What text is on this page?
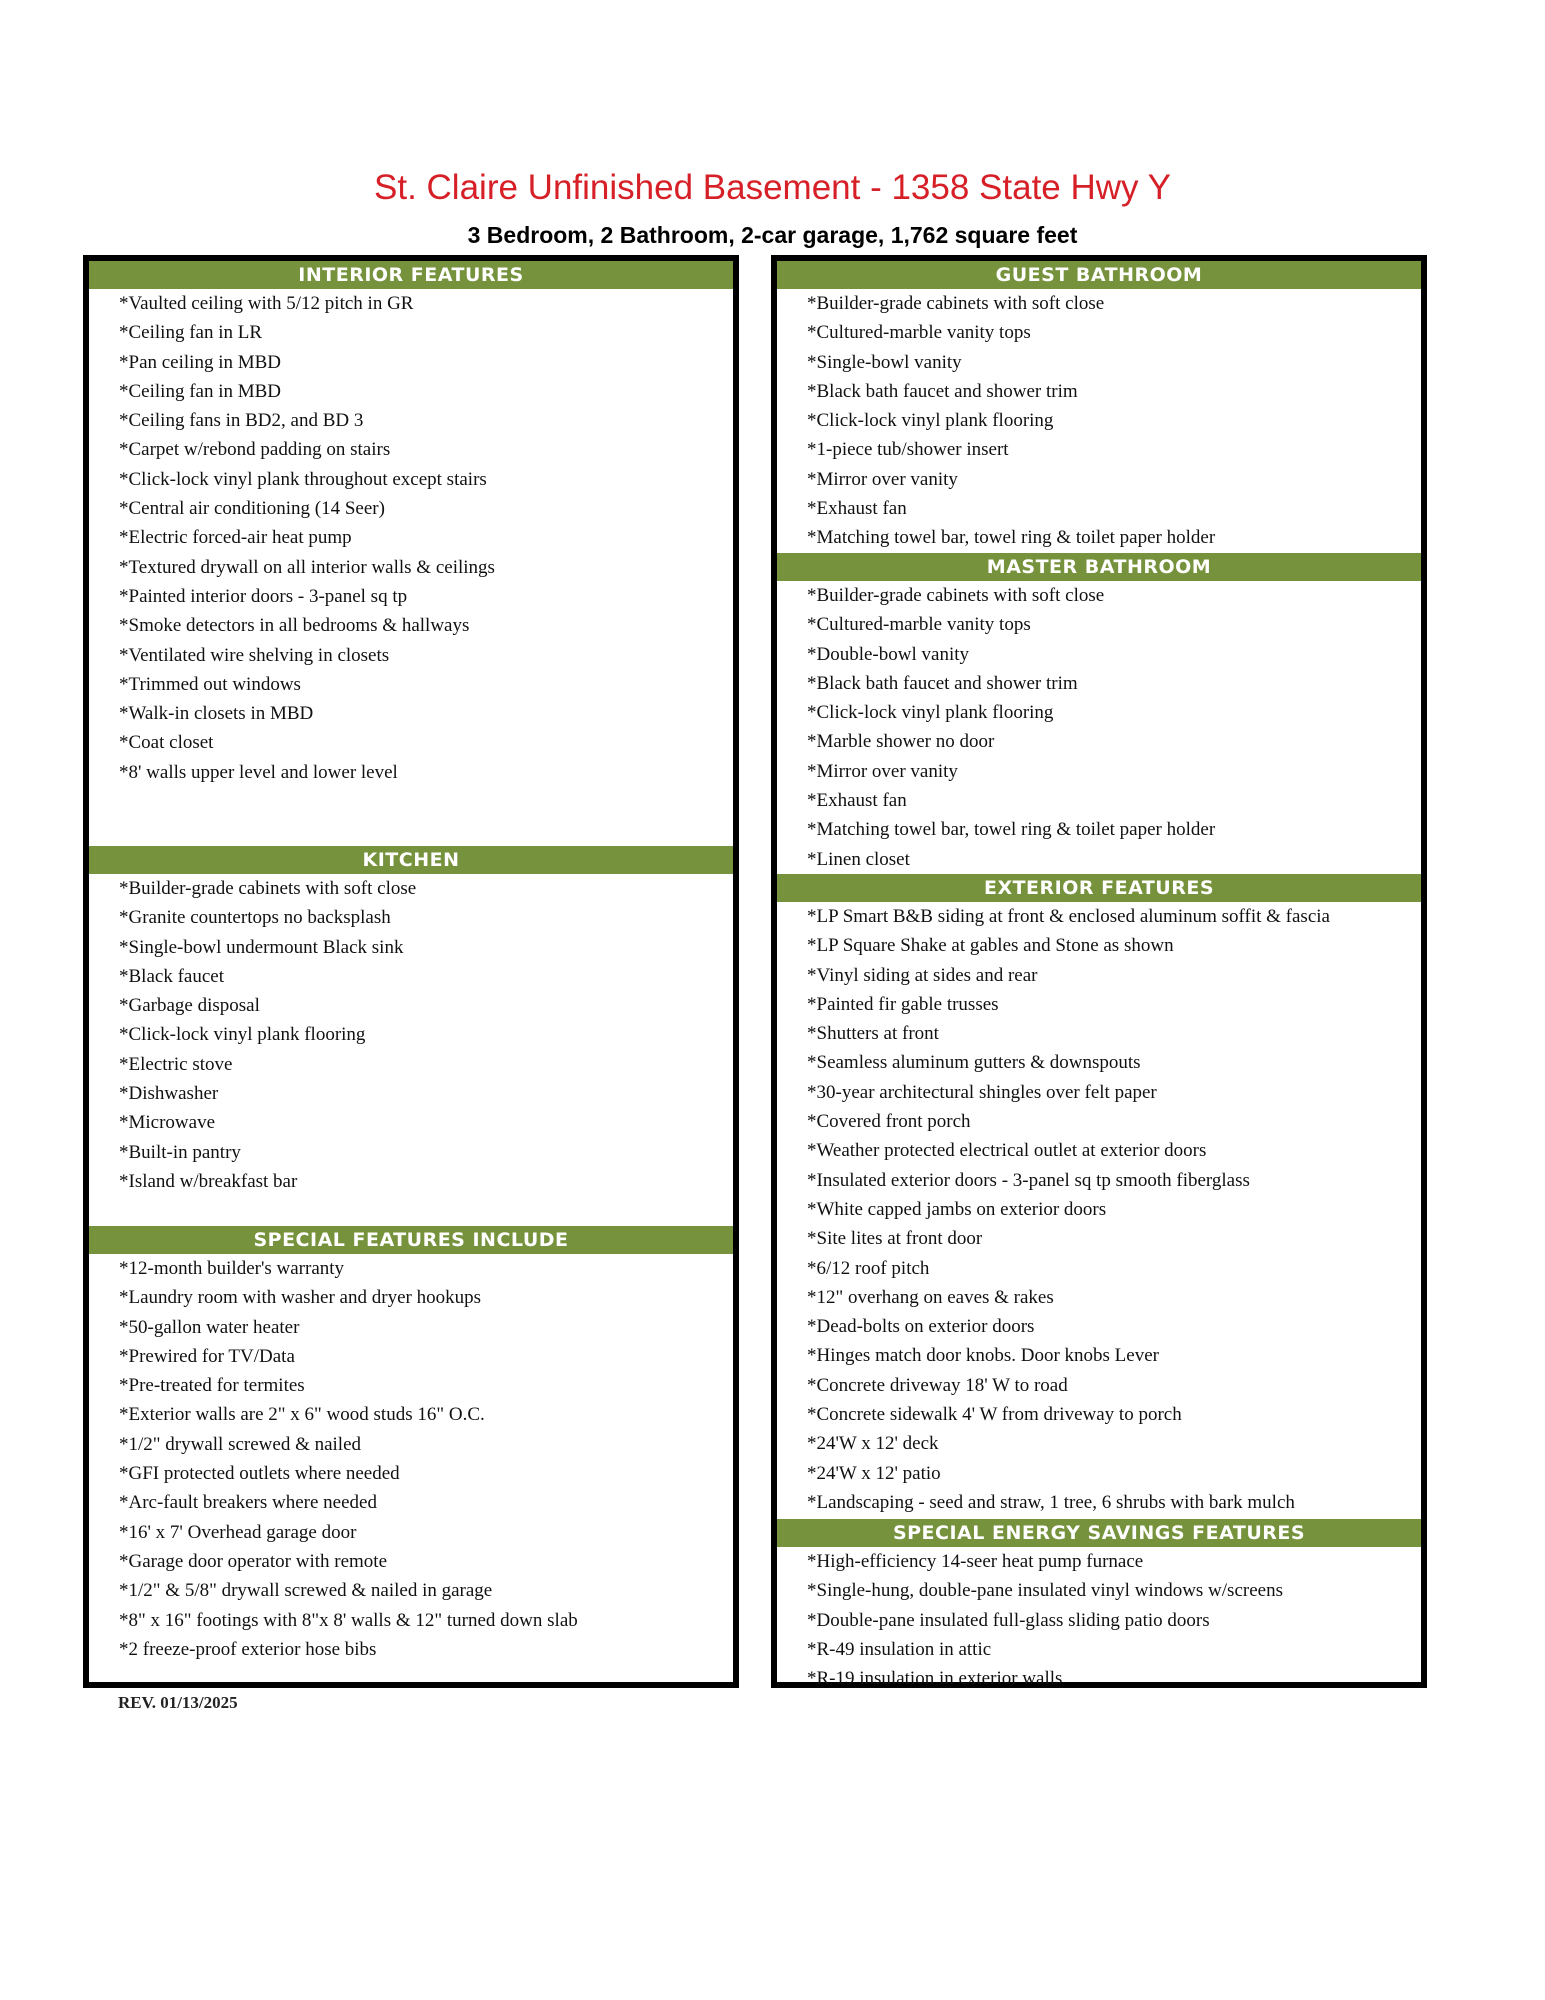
St. Claire Unfinished Basement - 1358 State Hwy Y
3 Bedroom, 2 Bathroom, 2-car garage, 1,762 square feet
INTERIOR FEATURES
*Vaulted ceiling with 5/12 pitch in GR
*Ceiling fan in LR
*Pan ceiling in MBD
*Ceiling fan in MBD
*Ceiling fans in BD2, and BD 3
*Carpet w/rebond padding on stairs
*Click-lock vinyl plank throughout except stairs
*Central air conditioning (14 Seer)
*Electric forced-air heat pump
*Textured drywall on all interior walls & ceilings
*Painted interior doors - 3-panel sq tp
*Smoke detectors in all bedrooms & hallways
*Ventilated wire shelving in closets
*Trimmed out windows
*Walk-in closets in MBD
*Coat closet
*8' walls upper level and lower level
KITCHEN
*Builder-grade cabinets with soft close
*Granite countertops no backsplash
*Single-bowl undermount Black sink
*Black faucet
*Garbage disposal
*Click-lock vinyl plank flooring
*Electric stove
*Dishwasher
*Microwave
*Built-in pantry
*Island w/breakfast bar
SPECIAL FEATURES INCLUDE
*12-month builder's warranty
*Laundry room with washer and dryer hookups
*50-gallon water heater
*Prewired for TV/Data
*Pre-treated for termites
*Exterior walls are 2" x 6" wood studs 16" O.C.
*1/2" drywall screwed & nailed
*GFI protected outlets where needed
*Arc-fault breakers where needed
*16' x 7' Overhead garage door
*Garage door operator with remote
*1/2" & 5/8" drywall screwed & nailed in garage
*8" x 16" footings with 8"x 8' walls & 12" turned down slab
*2 freeze-proof exterior hose bibs
GUEST BATHROOM
*Builder-grade cabinets with soft close
*Cultured-marble vanity tops
*Single-bowl vanity
*Black bath faucet and shower trim
*Click-lock vinyl plank flooring
*1-piece tub/shower insert
*Mirror over vanity
*Exhaust fan
*Matching towel bar, towel ring & toilet paper holder
MASTER BATHROOM
*Builder-grade cabinets with soft close
*Cultured-marble vanity tops
*Double-bowl vanity
*Black bath faucet and shower trim
*Click-lock vinyl plank flooring
*Marble shower no door
*Mirror over vanity
*Exhaust fan
*Matching towel bar, towel ring & toilet paper holder
*Linen closet
EXTERIOR FEATURES
*LP Smart B&B siding at front & enclosed aluminum soffit & fascia
*LP Square Shake at gables and Stone as shown
*Vinyl siding at sides and rear
*Painted fir gable trusses
*Shutters at front
*Seamless aluminum gutters & downspouts
*30-year architectural shingles over felt paper
*Covered front porch
*Weather protected electrical outlet at exterior doors
*Insulated exterior doors - 3-panel sq tp smooth fiberglass
*White capped jambs on exterior doors
*Site lites at front door
*6/12 roof pitch
*12" overhang on eaves & rakes
*Dead-bolts on exterior doors
*Hinges match door knobs. Door knobs Lever
*Concrete driveway 18' W to road
*Concrete sidewalk 4' W from driveway to porch
*24'W x 12' deck
*24'W x 12' patio
*Landscaping - seed and straw, 1 tree, 6 shrubs with bark mulch
SPECIAL ENERGY SAVINGS FEATURES
*High-efficiency 14-seer heat pump furnace
*Single-hung, double-pane insulated vinyl windows w/screens
*Double-pane insulated full-glass sliding patio doors
*R-49 insulation in attic
*R-19 insulation in exterior walls
REV. 01/13/2025
